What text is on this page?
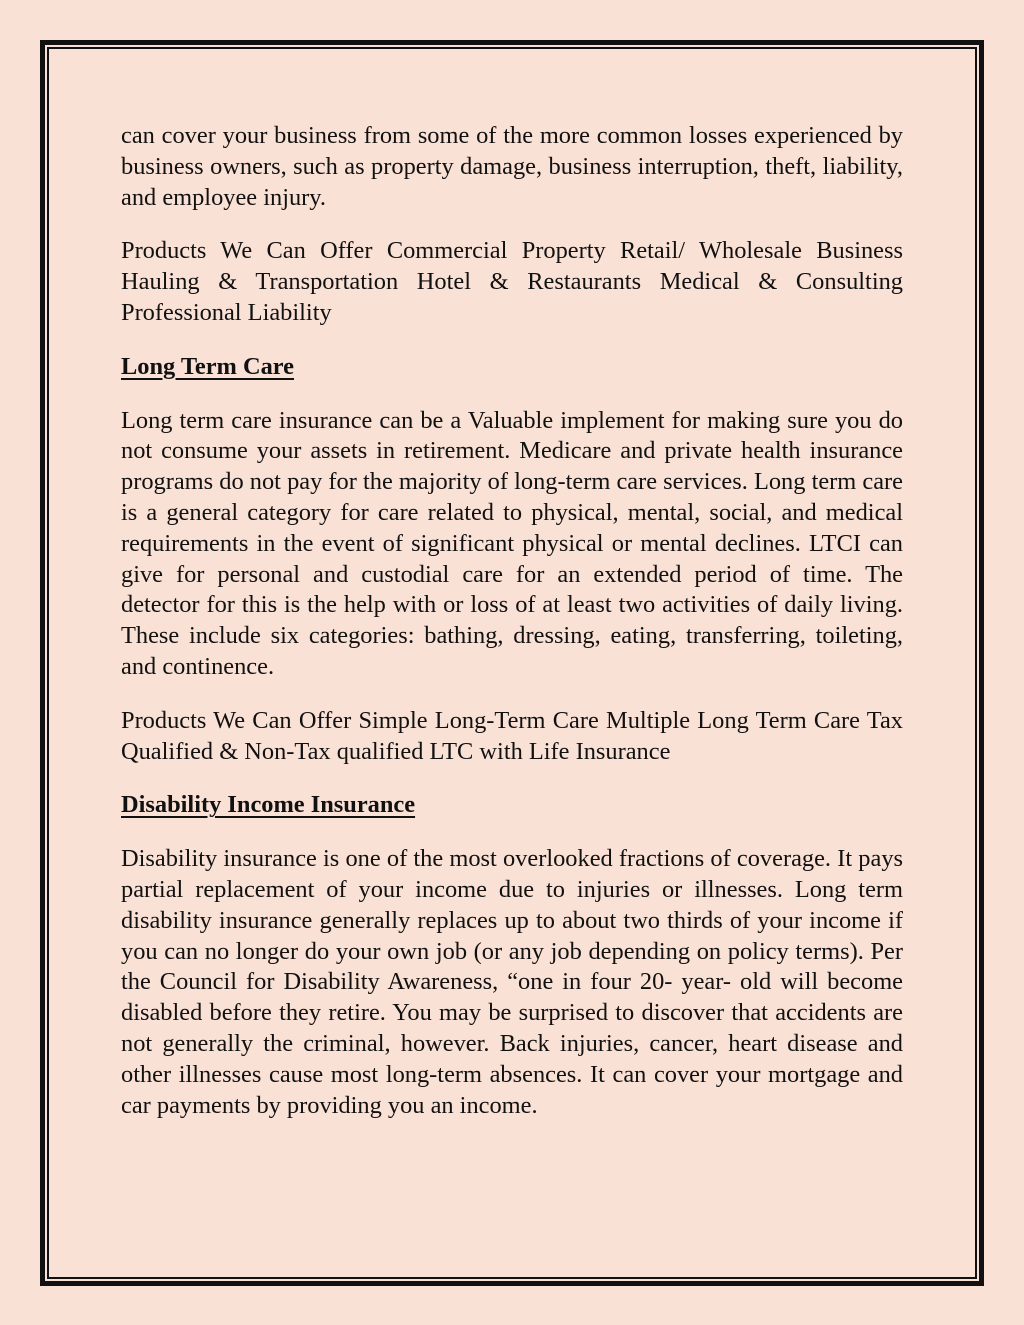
can cover your business from some of the more common losses experienced by business owners, such as property damage, business interruption, theft, liability, and employee injury.

Products We Can Offer Commercial Property Retail/ Wholesale Business Hauling & Transportation Hotel & Restaurants Medical & Consulting Professional Liability

Long Term Care

Long term care insurance can be a Valuable implement for making sure you do not consume your assets in retirement. Medicare and private health insurance programs do not pay for the majority of long-term care services. Long term care is a general category for care related to physical, mental, social, and medical requirements in the event of significant physical or mental declines. LTCI can give for personal and custodial care for an extended period of time. The detector for this is the help with or loss of at least two activities of daily living. These include six categories: bathing, dressing, eating, transferring, toileting, and continence.

Products We Can Offer Simple Long-Term Care Multiple Long Term Care Tax Qualified & Non-Tax qualified LTC with Life Insurance

Disability Income Insurance

Disability insurance is one of the most overlooked fractions of coverage. It pays partial replacement of your income due to injuries or illnesses. Long term disability insurance generally replaces up to about two thirds of your income if you can no longer do your own job (or any job depending on policy terms). Per the Council for Disability Awareness, “one in four 20- year- old will become disabled before they retire. You may be surprised to discover that accidents are not generally the criminal, however. Back injuries, cancer, heart disease and other illnesses cause most long-term absences. It can cover your mortgage and car payments by providing you an income.
